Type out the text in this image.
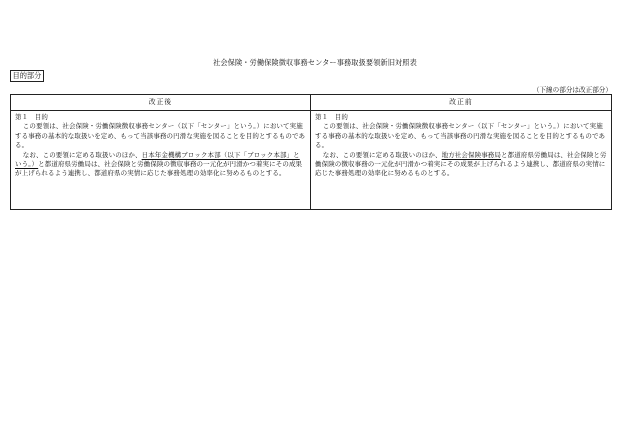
社会保険・労働保険徴収事務センター事務取扱要領新旧対照表
目的部分
（下線の部分は改正部分）
改正後

第１　目的

この要領は、社会保険・労働保険徴収事務センター（以下「センター」という。）において実施する事務の基本的な取扱いを定め、もって当該事務の円滑な実施を図ることを目的とするものである。

なお、この要領に定める取扱いのほか、日本年金機構ブロック本部（以下「ブロック本部」という。）と都道府県労働局は、社会保険と労働保険の徴収事務の一元化が円滑かつ着実にその成果が上げられるよう連携し、都道府県の実情に応じた事務処理の効率化に努めるものとする。

改正前

第１　目的

この要領は、社会保険・労働保険徴収事務センター（以下「センター」という。）において実施する事務の基本的な取扱いを定め、もって当該事務の円滑な実施を図ることを目的とするものである。

なお、この要領に定める取扱いのほか、地方社会保険事務局と都道府県労働局は、社会保険と労働保険の徴収事務の一元化が円滑かつ着実にその成果が上げられるよう連携し、都道府県の実情に応じた事務処理の効率化に努めるものとする。
